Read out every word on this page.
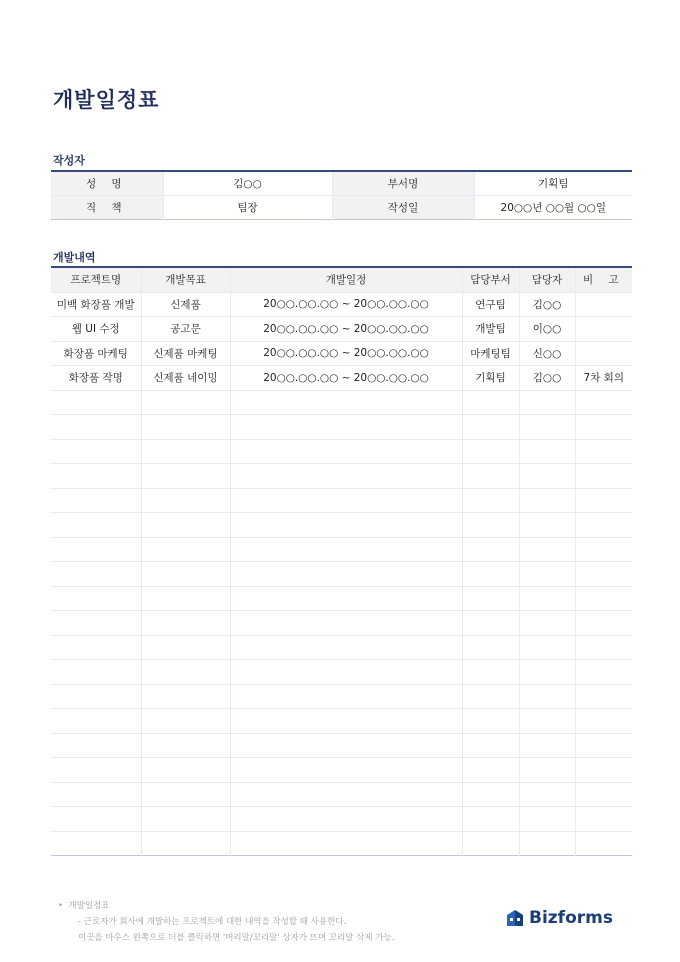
개발일정표
작성자
성 명	김○○	부서명	기획팀
직 책	팀장	작성일	20○○년 ○○월 ○○일
개발내역
프로젝트명	개발목표	개발일정	담당부서	담당자	비 고
미백 화장품 개발	신제품	20○○.○○.○○ ~ 20○○.○○.○○	연구팀	김○○	
웹 UI 수정	공고문	20○○.○○.○○ ~ 20○○.○○.○○	개발팀	이○○	
화장품 마케팅	신제품 마케팅	20○○.○○.○○ ~ 20○○.○○.○○	마케팅팀	신○○	
화장품 작명	신제품 네이밍	20○○.○○.○○ ~ 20○○.○○.○○	기획팀	김○○	7차 회의

•  개발일정표
- 근로자가 회사에 개발하는 프로젝트에 대한 내역을 작성할 때 사용한다.
이곳을 마우스 왼쪽으로 더블 클릭하면 '머리말/꼬리말' 상자가 뜨며 꼬리말 삭제 가능.
Bizforms
